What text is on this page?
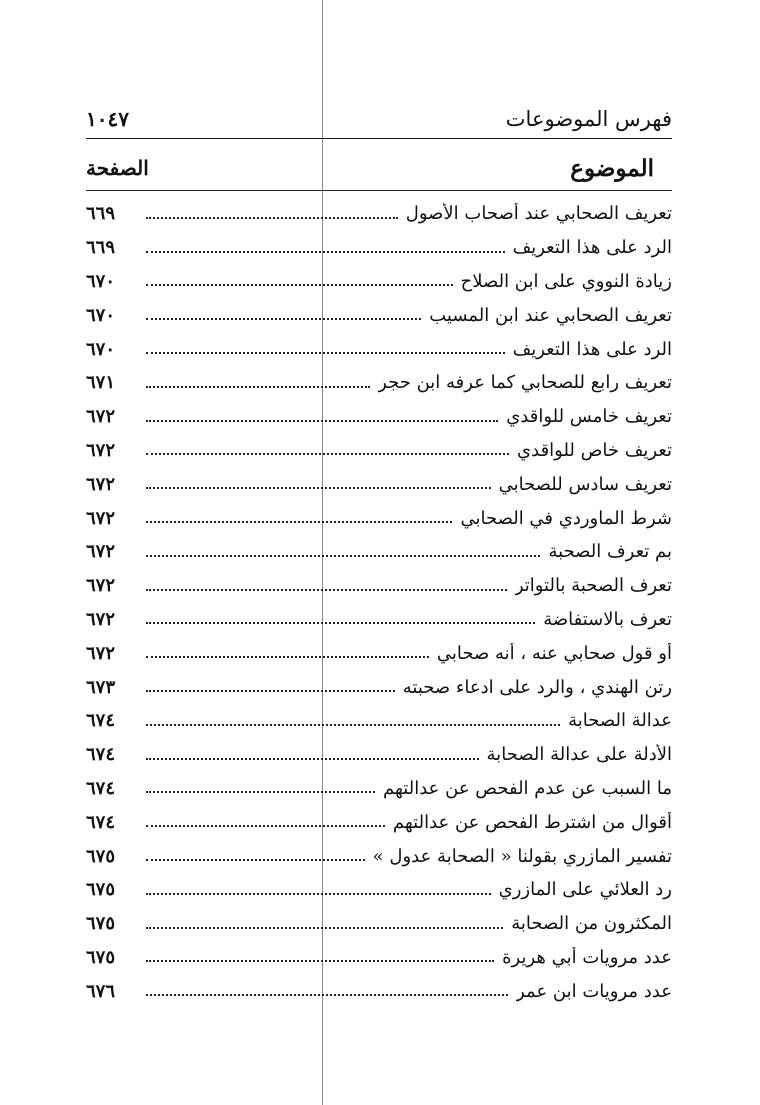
فهرس الموضوعات
١٠٤٧
الموضوع
الصفحة
تعريف الصحابي عند أصحاب الأصول
٦٦٩
الرد على هذا التعريف
٦٦٩
زيادة النووي على ابن الصلاح
٦٧٠
تعريف الصحابي عند ابن المسيب
٦٧٠
الرد على هذا التعريف
٦٧٠
تعريف رابع للصحابي كما عرفه ابن حجر
٦٧١
تعريف خامس للواقدي
٦٧٢
تعريف خاص للواقدي
٦٧٢
تعريف سادس للصحابي
٦٧٢
شرط الماوردي في الصحابي
٦٧٢
بم تعرف الصحبة
٦٧٢
تعرف الصحبة بالتواتر
٦٧٢
تعرف بالاستفاضة
٦٧٢
أو قول صحابي عنه ، أنه صحابي
٦٧٢
رتن الهندي ، والرد على ادعاء صحبته
٦٧٣
عدالة الصحابة
٦٧٤
الأدلة على عدالة الصحابة
٦٧٤
ما السبب عن عدم الفحص عن عدالتهم
٦٧٤
أقوال من اشترط الفحص عن عدالتهم
٦٧٤
تفسير المازري بقولنا « الصحابة عدول »
٦٧٥
رد العلائي على المازري
٦٧٥
المكثرون من الصحابة
٦٧٥
عدد مرويات أبي هريرة
٦٧٥
عدد مرويات ابن عمر
٦٧٦
